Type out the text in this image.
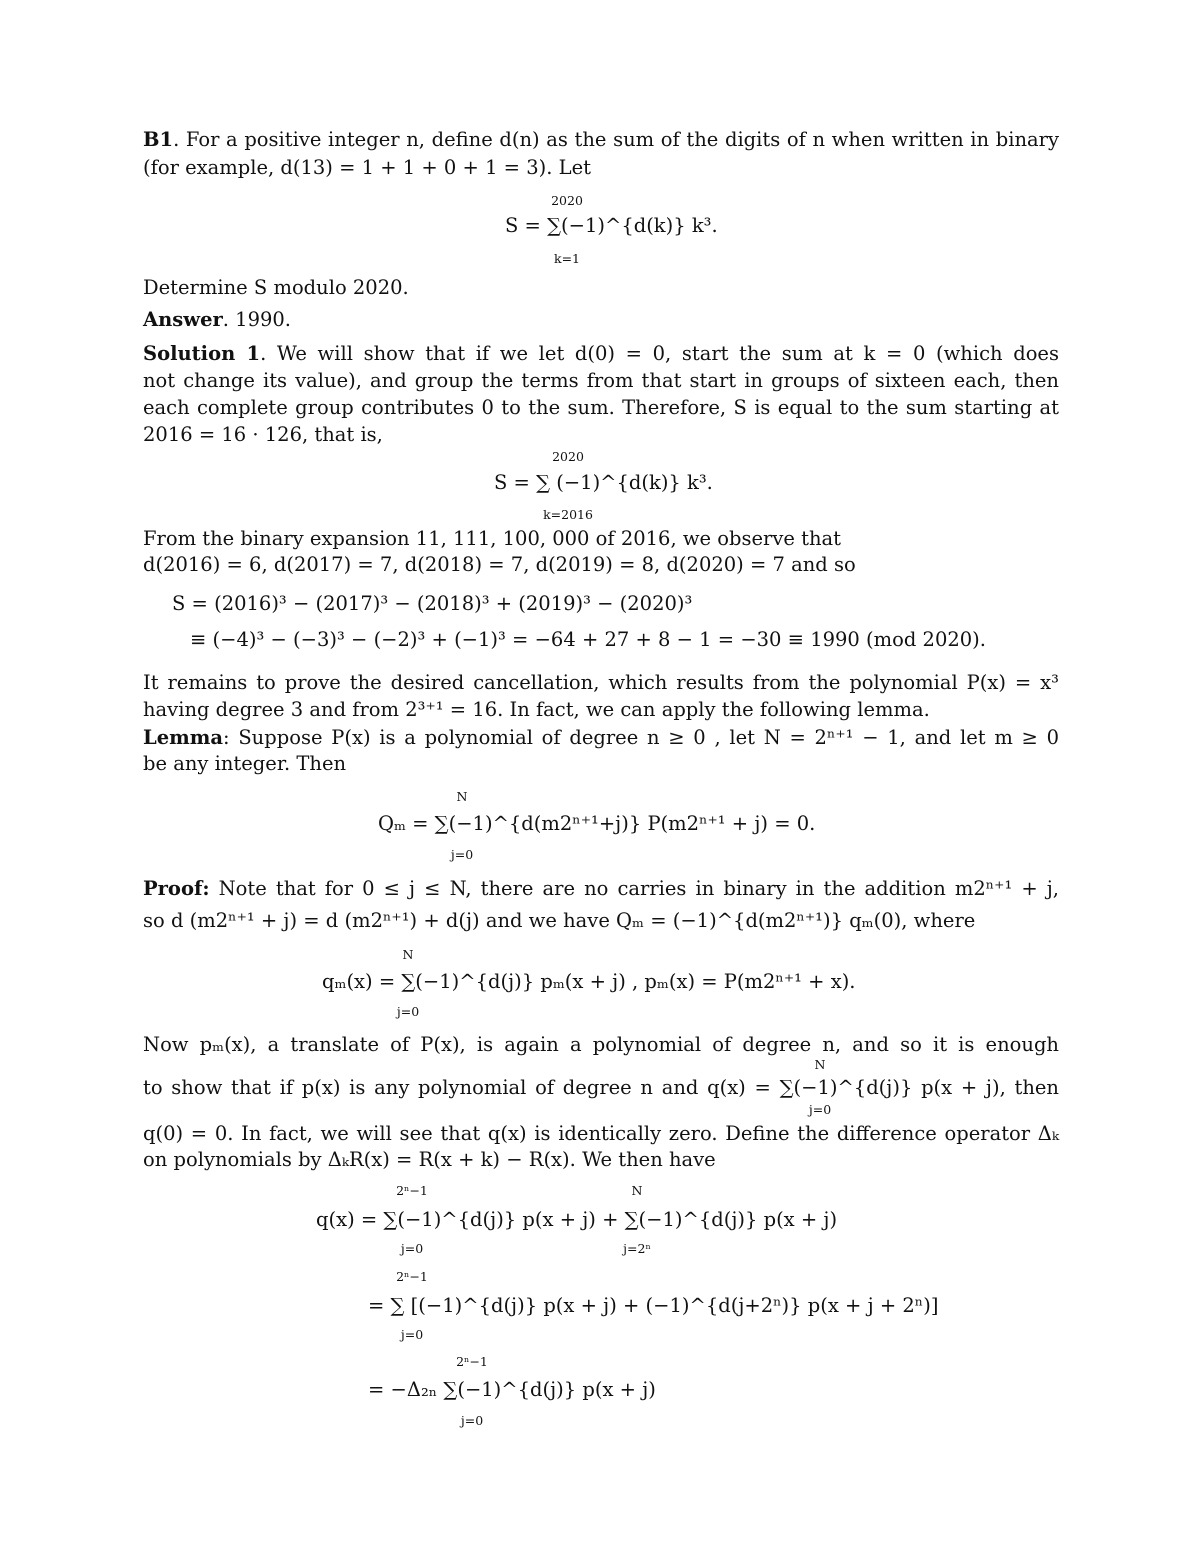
B1. For a positive integer n, define d(n) as the sum of the digits of n when written in binary
(for example, d(13) = 1 + 1 + 0 + 1 = 3). Let
2020
S = ∑(−1)^{d(k)} k³.
k=1
Determine S modulo 2020.
Answer. 1990.
Solution 1. We will show that if we let d(0) = 0, start the sum at k = 0 (which does
not change its value), and group the terms from that start in groups of sixteen each, then
each complete group contributes 0 to the sum. Therefore, S is equal to the sum starting at
2016 = 16 · 126, that is,
2020
S = ∑ (−1)^{d(k)} k³.
k=2016
From the binary expansion 11, 111, 100, 000 of 2016, we observe that
d(2016) = 6, d(2017) = 7, d(2018) = 7, d(2019) = 8, d(2020) = 7 and so
S = (2016)³ − (2017)³ − (2018)³ + (2019)³ − (2020)³
≡ (−4)³ − (−3)³ − (−2)³ + (−1)³ = −64 + 27 + 8 − 1 = −30 ≡ 1990 (mod 2020).
It remains to prove the desired cancellation, which results from the polynomial P(x) = x³
having degree 3 and from 2³⁺¹ = 16. In fact, we can apply the following lemma.
Lemma: Suppose P(x) is a polynomial of degree n ≥ 0 , let N = 2ⁿ⁺¹ − 1, and let m ≥ 0
be any integer. Then
N
Qₘ = ∑(−1)^{d(m2ⁿ⁺¹+j)} P(m2ⁿ⁺¹ + j) = 0.
j=0
Proof: Note that for 0 ≤ j ≤ N, there are no carries in binary in the addition m2ⁿ⁺¹ + j,
so d (m2ⁿ⁺¹ + j) = d (m2ⁿ⁺¹) + d(j) and we have Qₘ = (−1)^{d(m2ⁿ⁺¹)} qₘ(0), where
N
qₘ(x) = ∑(−1)^{d(j)} pₘ(x + j) , pₘ(x) = P(m2ⁿ⁺¹ + x).
j=0
Now pₘ(x), a translate of P(x), is again a polynomial of degree n, and so it is enough
N
to show that if p(x) is any polynomial of degree n and q(x) = ∑(−1)^{d(j)} p(x + j), then
j=0
q(0) = 0. In fact, we will see that q(x) is identically zero. Define the difference operator Δₖ
on polynomials by ΔₖR(x) = R(x + k) − R(x). We then have
2ⁿ−1	N
q(x) = ∑(−1)^{d(j)} p(x + j) + ∑(−1)^{d(j)} p(x + j)
j=0	j=2ⁿ
2ⁿ−1
= ∑ [(−1)^{d(j)} p(x + j) + (−1)^{d(j+2ⁿ)} p(x + j + 2ⁿ)]
j=0
2ⁿ−1
= −Δ₂ₙ ∑(−1)^{d(j)} p(x + j)
j=0
